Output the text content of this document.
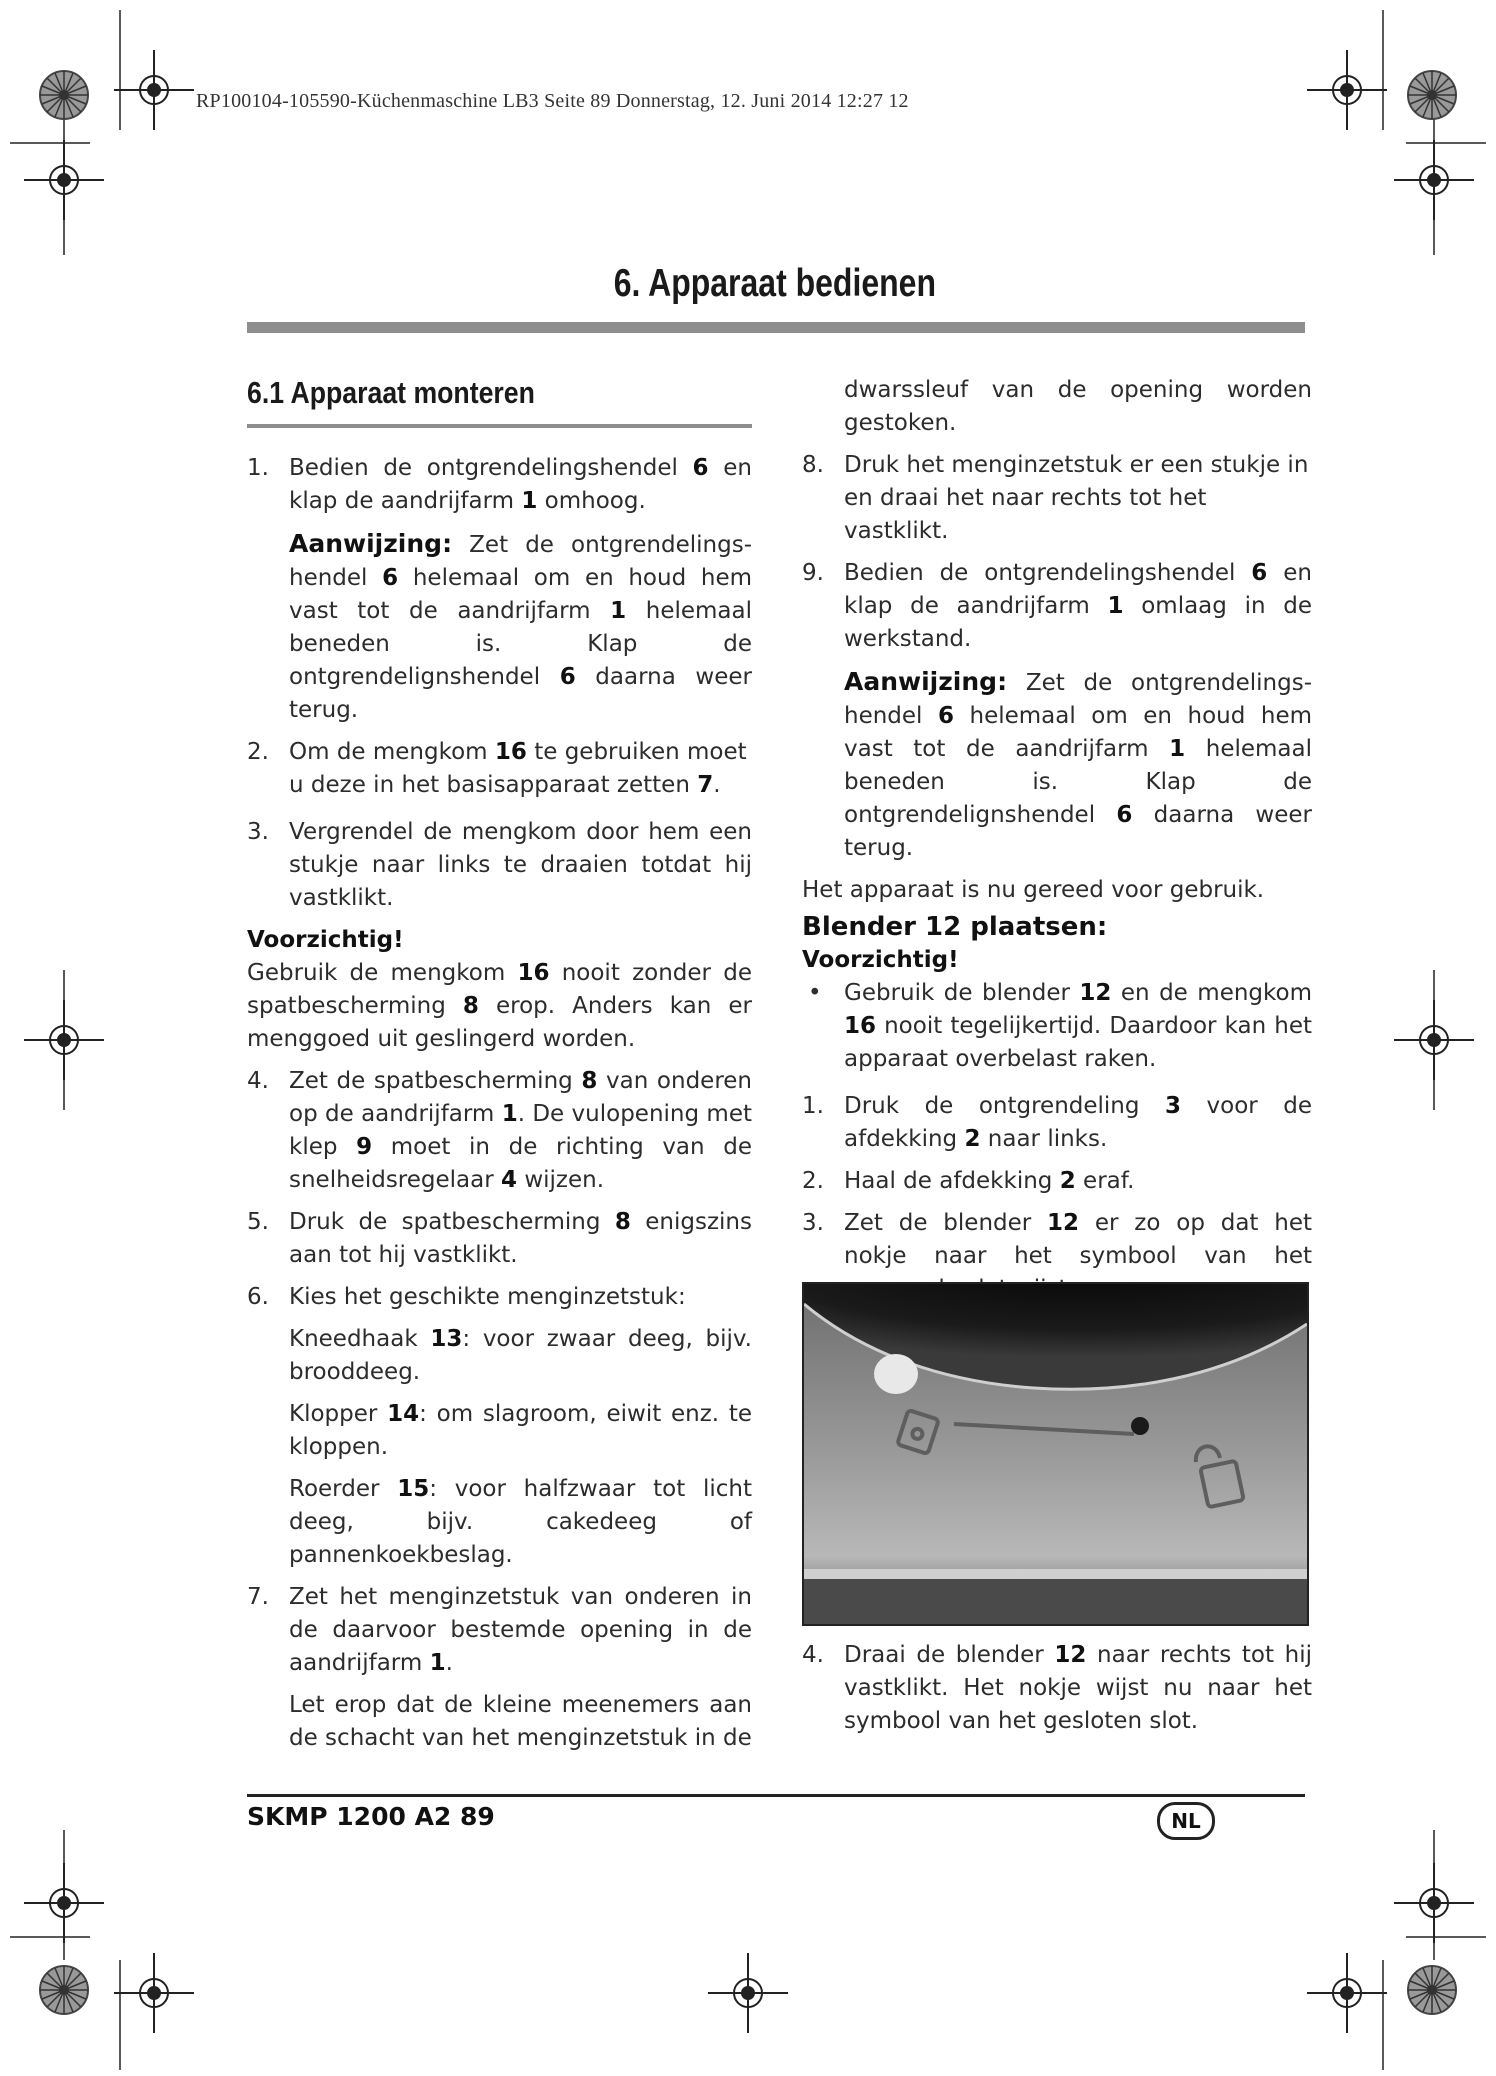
RP100104-105590-Küchenmaschine LB3 Seite 89 Donnerstag, 12. Juni 2014 12:27 12
6. Apparaat bedienen
6.1 Apparaat monteren

1. Bedien de ontgrendelingshendel 6 en klap de aandrijfarm 1 omhoog.

Aanwijzing: Zet de ontgrendelings-hendel 6 helemaal om en houd hem vast tot de aandrijfarm 1 helemaal beneden is. Klap de ontgrendelignshendel 6 daarna weer terug.

2. Om de mengkom 16 te gebruiken moet u deze in het basisapparaat zetten 7.

3. Vergrendel de mengkom door hem een stukje naar links te draaien totdat hij vastklikt.

Voorzichtig!

Gebruik de mengkom 16 nooit zonder de spatbescherming 8 erop. Anders kan er menggoed uit geslingerd worden.

4. Zet de spatbescherming 8 van onderen op de aandrijfarm 1. De vulopening met klep 9 moet in de richting van de snelheidsregelaar 4 wijzen.

5. Druk de spatbescherming 8 enigszins aan tot hij vastklikt.

6. Kies het geschikte menginzetstuk:

Kneedhaak 13: voor zwaar deeg, bijv. brooddeeg.

Klopper 14: om slagroom, eiwit enz. te kloppen.

Roerder 15: voor halfzwaar tot licht deeg, bijv. cakedeeg of pannenkoekbeslag.

7. Zet het menginzetstuk van onderen in de daarvoor bestemde opening in de aandrijfarm 1.

Let erop dat de kleine meenemers aan de schacht van het menginzetstuk in de

dwarssleuf van de opening worden gestoken.

8. Druk het menginzetstuk er een stukje in en draai het naar rechts tot het vastklikt.

9. Bedien de ontgrendelingshendel 6 en klap de aandrijfarm 1 omlaag in de werkstand.

Aanwijzing: Zet de ontgrendelings-hendel 6 helemaal om en houd hem vast tot de aandrijfarm 1 helemaal beneden is. Klap de ontgrendelignshendel 6 daarna weer terug.

Het apparaat is nu gereed voor gebruik.

Blender 12 plaatsen:

Voorzichtig!

• Gebruik de blender 12 en de mengkom 16 nooit tegelijkertijd. Daardoor kan het apparaat overbelast raken.

1. Druk de ontgrendeling 3 voor de afdekking 2 naar links.

2. Haal de afdekking 2 eraf.

3. Zet de blender 12 er zo op dat het nokje naar het symbool van het

4. Draai de blender 12 naar rechts tot hij vastklikt. Het nokje wijst nu naar het symbool van het gesloten slot.

SKMP 1200 A2 89	NL
